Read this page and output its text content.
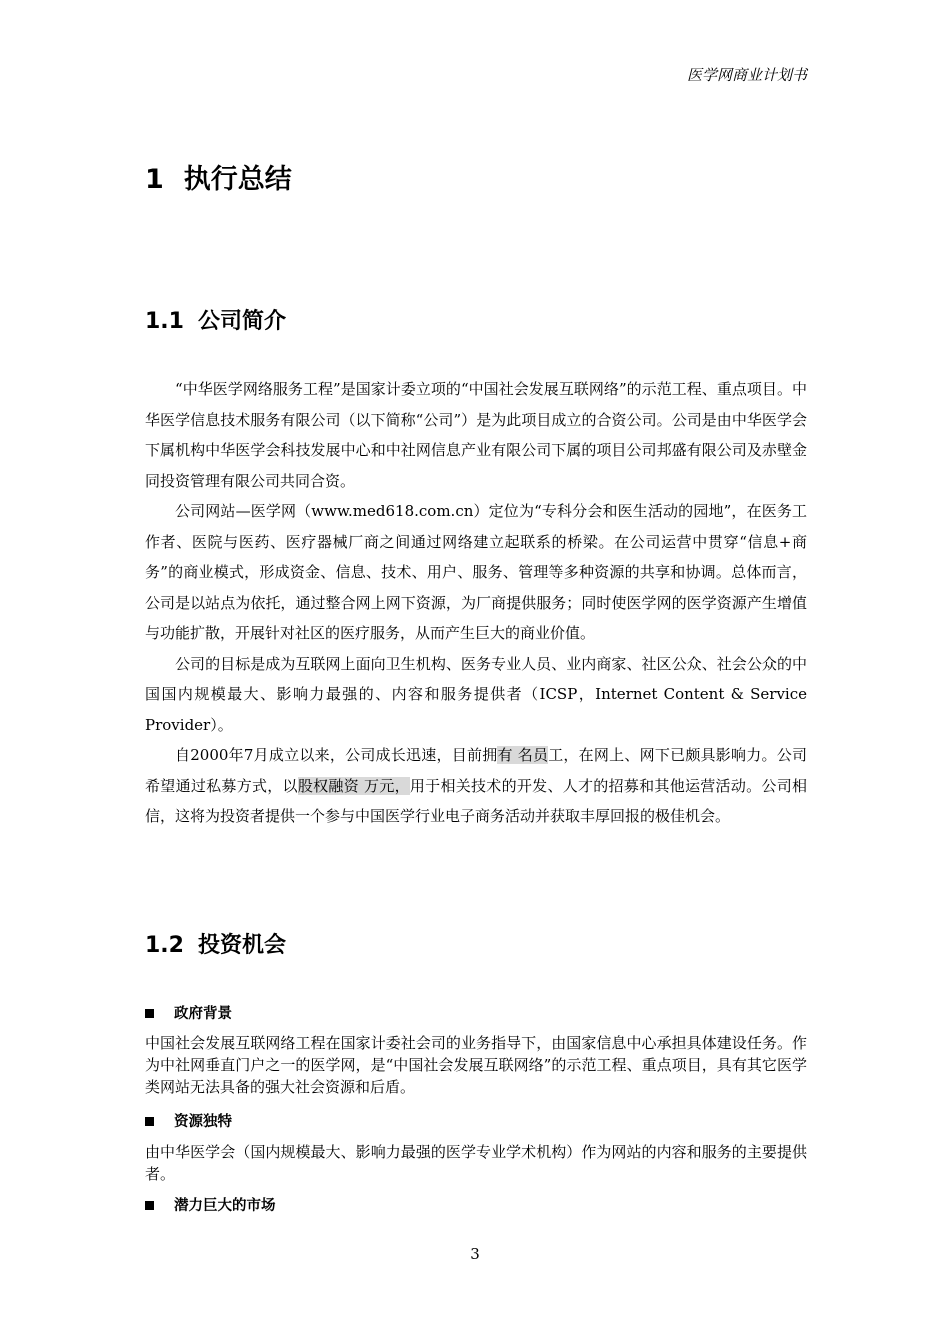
医学网商业计划书
1 执行总结
1.1 公司简介

“中华医学网络服务工程”是国家计委立项的“中国社会发展互联网络”的示范工程、重点项目。中华医学信息技术服务有限公司（以下简称“公司”）是为此项目成立的合资公司。公司是由中华医学会下属机构中华医学会科技发展中心和中社网信息产业有限公司下属的项目公司邦盛有限公司及赤壁金同投资管理有限公司共同合资。

公司网站—医学网（www.med618.com.cn）定位为“专科分会和医生活动的园地”，在医务工作者、医院与医药、医疗器械厂商之间通过网络建立起联系的桥梁。在公司运营中贯穿“信息+商务”的商业模式，形成资金、信息、技术、用户、服务、管理等多种资源的共享和协调。总体而言，公司是以站点为依托，通过整合网上网下资源，为厂商提供服务；同时使医学网的医学资源产生增值与功能扩散，开展针对社区的医疗服务，从而产生巨大的商业价值。

公司的目标是成为互联网上面向卫生机构、医务专业人员、业内商家、社区公众、社会公众的中国国内规模最大、影响力最强的、内容和服务提供者（ICSP，Internet Content & Service Provider）。

自2000年7月成立以来，公司成长迅速，目前拥有 名员工，在网上、网下已颇具影响力。公司希望通过私募方式，以股权融资 万元，用于相关技术的开发、人才的招募和其他运营活动。公司相信，这将为投资者提供一个参与中国医学行业电子商务活动并获取丰厚回报的极佳机会。

1.2 投资机会
政府背景

中国社会发展互联网络工程在国家计委社会司的业务指导下，由国家信息中心承担具体建设任务。作为中社网垂直门户之一的医学网，是“中国社会发展互联网络”的示范工程、重点项目，具有其它医学类网站无法具备的强大社会资源和后盾。

资源独特

由中华医学会（国内规模最大、影响力最强的医学专业学术机构）作为网站的内容和服务的主要提供者。

潜力巨大的市场
3
